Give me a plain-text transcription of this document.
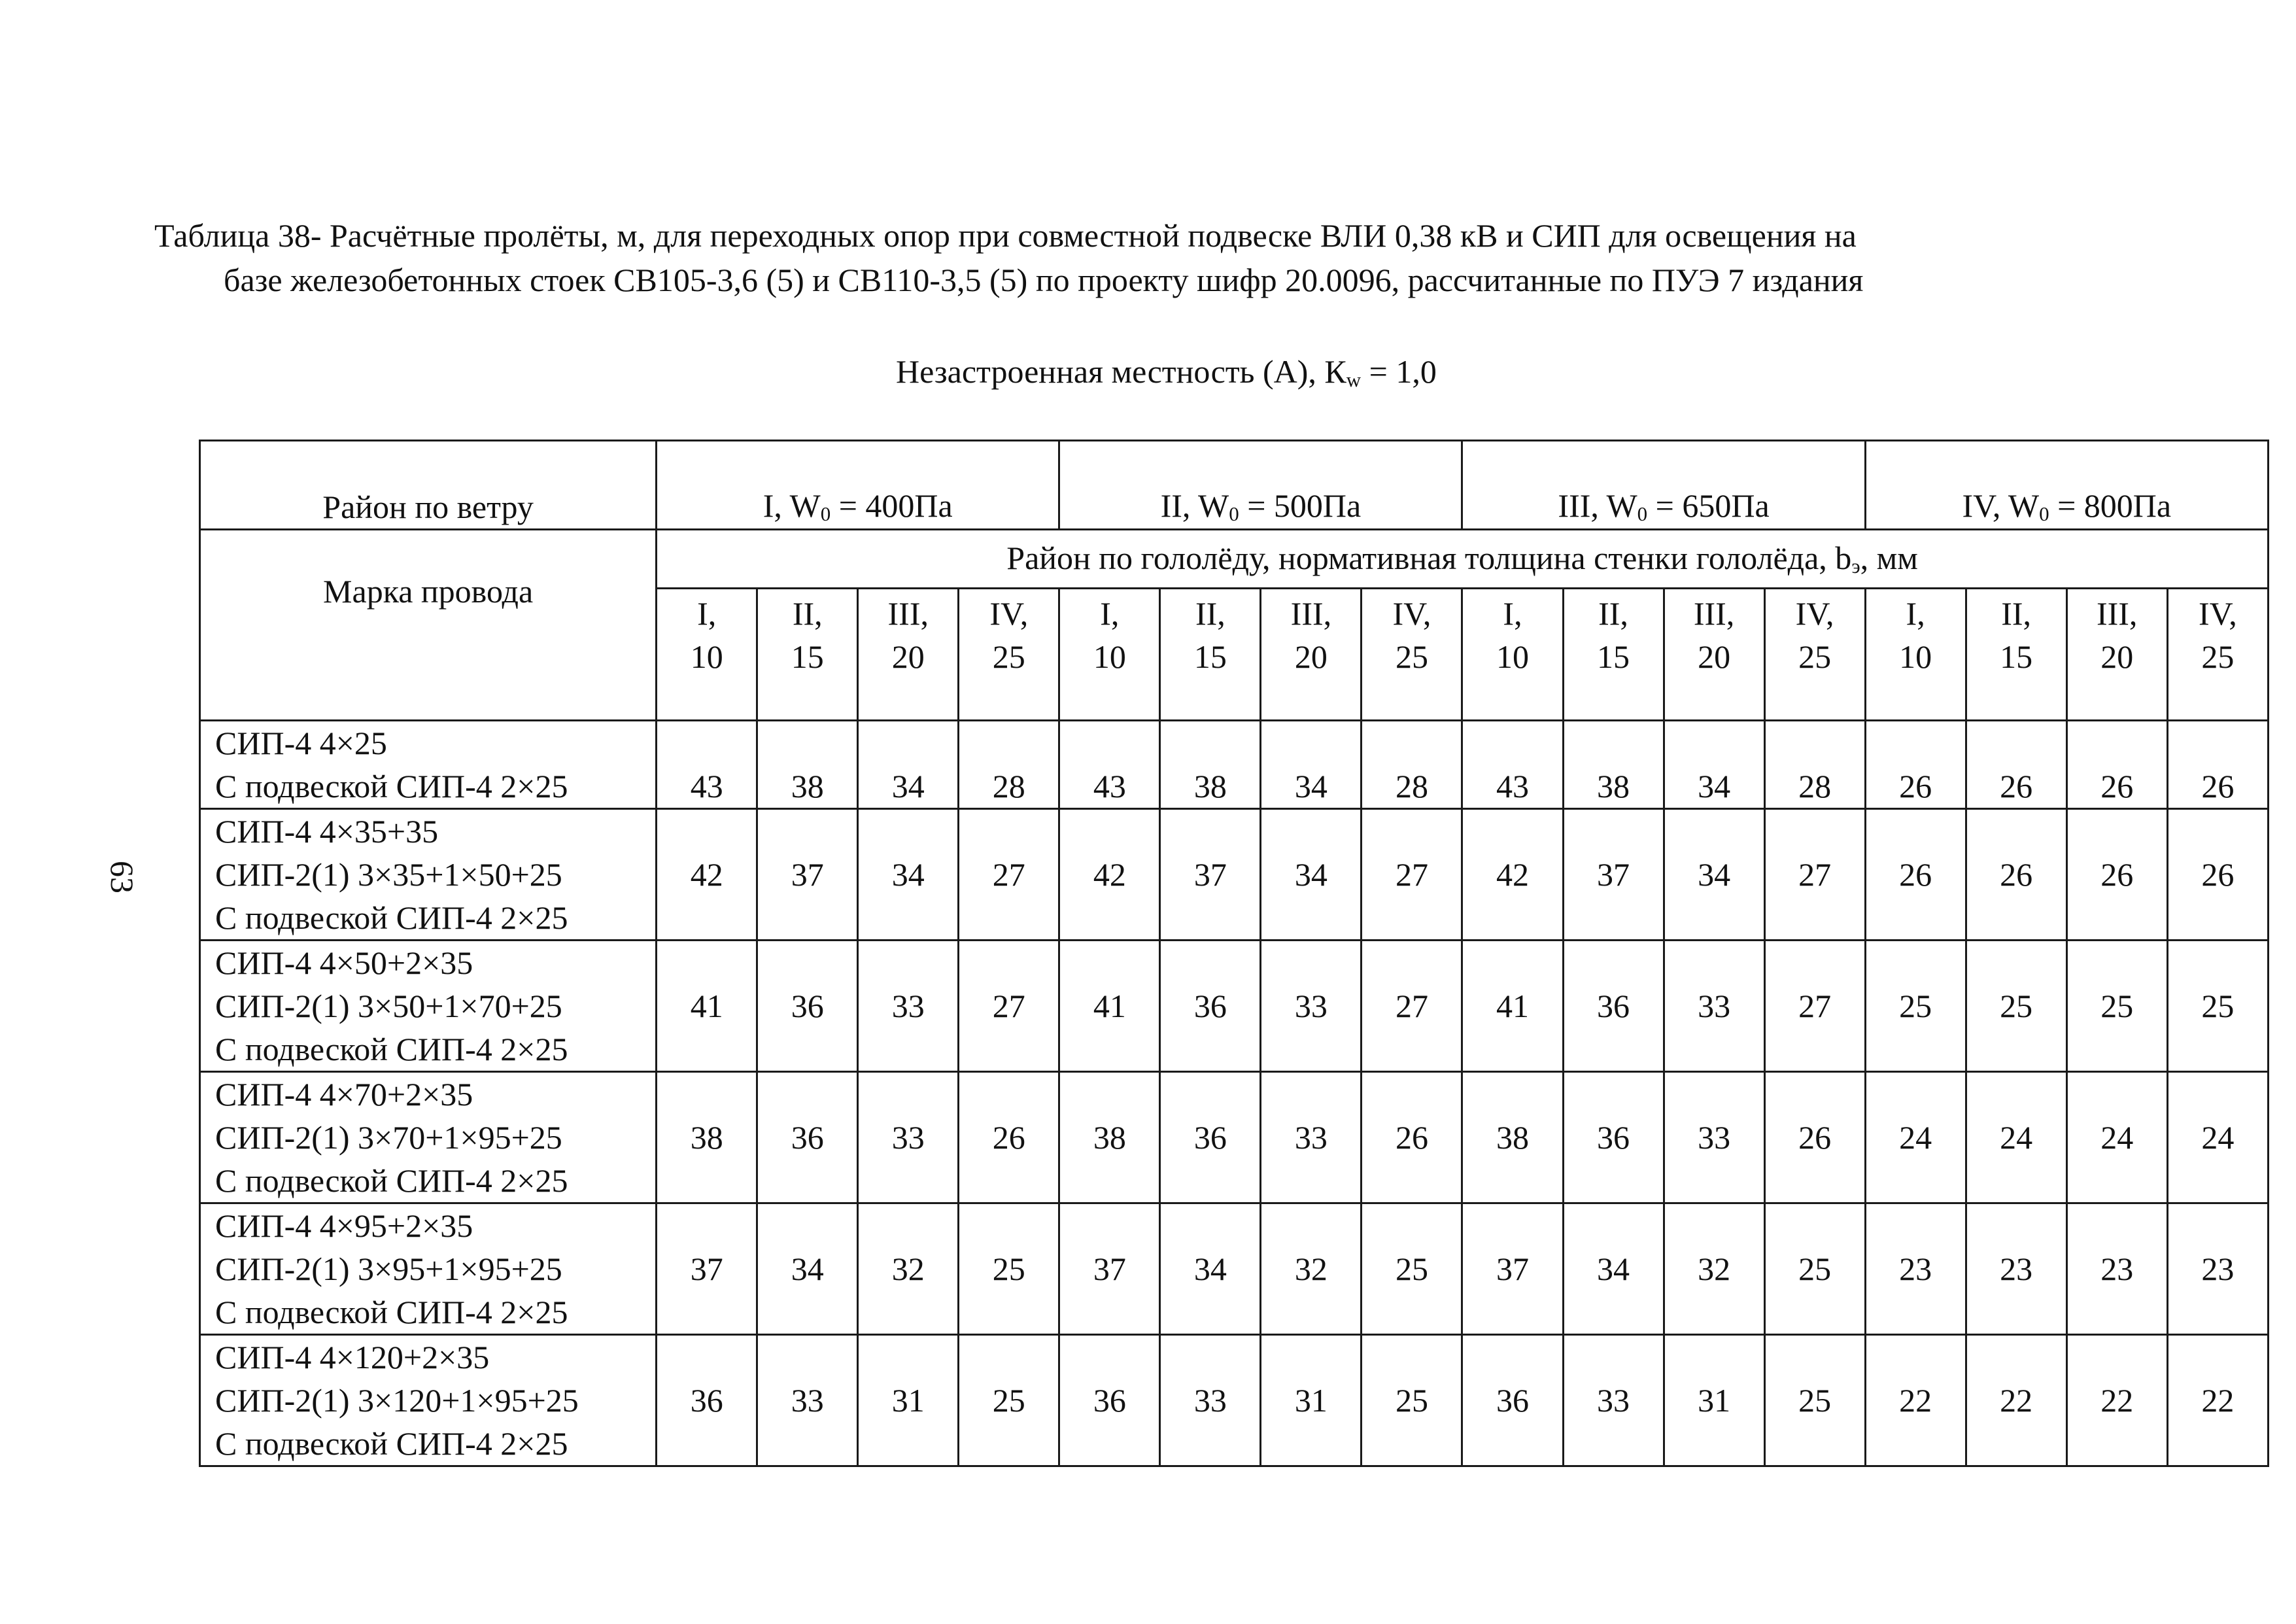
Таблица 38- Расчётные пролёты, м, для переходных опор при совместной подвеске ВЛИ 0,38 кВ и СИП для освещения на
базе железобетонных стоек СВ105-3,6 (5) и СВ110-3,5 (5) по проекту шифр 20.0096, рассчитанные по ПУЭ 7 издания
Незастроенная местность (А), $К_w = 1,0$
63
Район по ветру	I, $W_0 = 400Па$				II, $W_0 = 500Па$				III, $W_0 = 650Па$				IV, $W_0 = 800Па$			
Марка провода	Район по гололёду, нормативная толщина стенки гололёда, $b_э$, мм															
	I,
10	II,
15	III,
20	IV,
25	I,
10	II,
15	III,
20	IV,
25	I,
10	II,
15	III,
20	IV,
25	I,
10	II,
15	III,
20	IV,
25

СИП-4 4×25
С подвеской СИП-4 2×25	43	38	34	28	43	38	34	28	43	38	34	28	26	26	26	26

СИП-4 4×35+35
СИП-2(1) 3×35+1×50+25
С подвеской СИП-4 2×25	42	37	34	27	42	37	34	27	42	37	34	27	26	26	26	26

СИП-4 4×50+2×35
СИП-2(1) 3×50+1×70+25
С подвеской СИП-4 2×25	41	36	33	27	41	36	33	27	41	36	33	27	25	25	25	25

СИП-4 4×70+2×35
СИП-2(1) 3×70+1×95+25
С подвеской СИП-4 2×25	38	36	33	26	38	36	33	26	38	36	33	26	24	24	24	24

СИП-4 4×95+2×35
СИП-2(1) 3×95+1×95+25
С подвеской СИП-4 2×25	37	34	32	25	37	34	32	25	37	34	32	25	23	23	23	23

СИП-4 4×120+2×35
СИП-2(1) 3×120+1×95+25
С подвеской СИП-4 2×25	36	33	31	25	36	33	31	25	36	33	31	25	22	22	22	22
